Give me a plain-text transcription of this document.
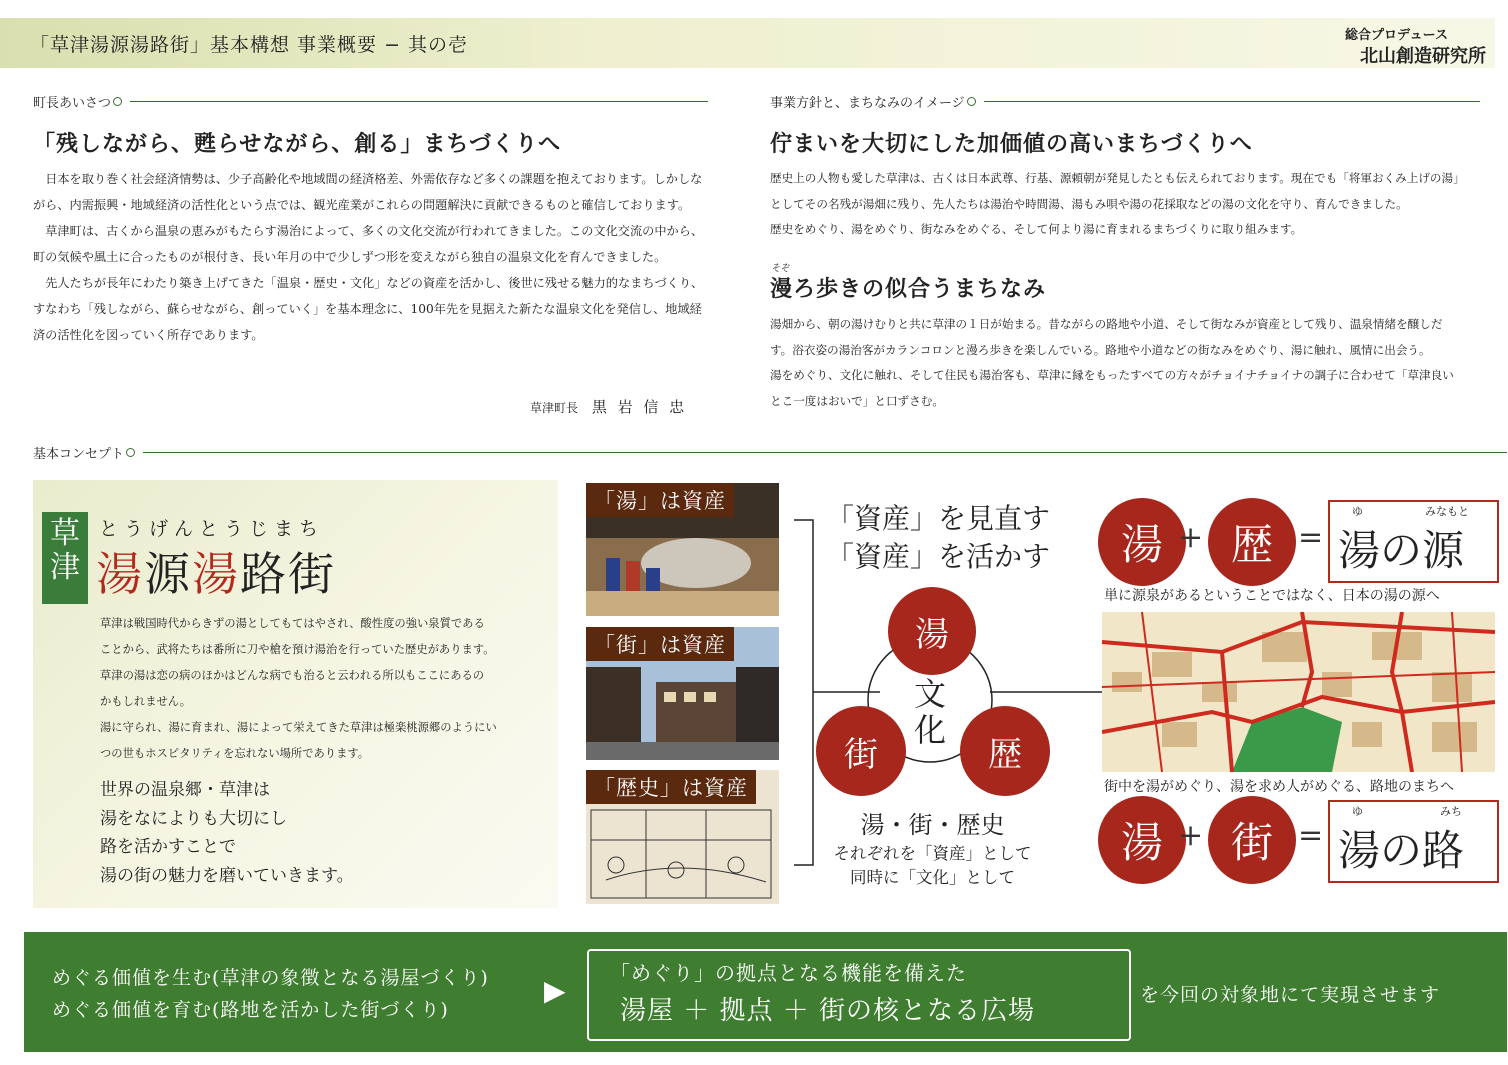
「草津湯源湯路街」基本構想 事業概要 − 其の壱	総合プロデュース
北山創造研究所
町長あいさつ
「残しながら、甦らせながら、創る」まちづくりへ

日本を取り巻く社会経済情勢は、少子高齢化や地域間の経済格差、外需依存など多くの課題を抱えております。しかしながら、内需振興・地域経済の活性化という点では、観光産業がこれらの問題解決に貢献できるものと確信しております。

草津町は、古くから温泉の恵みがもたらす湯治によって、多くの文化交流が行われてきました。この文化交流の中から、町の気候や風土に合ったものが根付き、長い年月の中で少しずつ形を変えながら独自の温泉文化を育んできました。

先人たちが長年にわたり築き上げてきた「温泉・歴史・文化」などの資産を活かし、後世に残せる魅力的なまちづくり、すなわち「残しながら、蘇らせながら、創っていく」を基本理念に、100年先を見据えた新たな温泉文化を発信し、地域経済の活性化を図っていく所存であります。

草津町長 黒 岩 信 忠
事業方針と、まちなみのイメージ
佇まいを大切にした加価値の高いまちづくりへ

歴史上の人物も愛した草津は、古くは日本武尊、行基、源頼朝が発見したとも伝えられております。現在でも「将軍おくみ上げの湯」

としてその名残が湯畑に残り、先人たちは湯治や時間湯、湯もみ唄や湯の花採取などの湯の文化を守り、育んできました。

歴史をめぐり、湯をめぐり、街なみをめぐる、そして何より湯に育まれるまちづくりに取り組みます。

そぞ
漫ろ歩きの似合うまちなみ

湯畑から、朝の湯けむりと共に草津の１日が始まる。昔ながらの路地や小道、そして街なみが資産として残り、温泉情緒を醸しだ

す。浴衣姿の湯治客がカランコロンと漫ろ歩きを楽しんでいる。路地や小道などの街なみをめぐり、湯に触れ、風情に出会う。

湯をめぐり、文化に触れ、そして住民も湯治客も、草津に縁をもったすべての方々がチョイナチョイナの調子に合わせて「草津良い

とこ一度はおいで」と口ずさむ。

基本コンセプト
草
津
とうげんとうじまち
湯源湯路街

草津は戦国時代からきずの湯としてもてはやされ、酸性度の強い泉質である

ことから、武将たちは番所に刀や槍を預け湯治を行っていた歴史があります。

草津の湯は恋の病のほかはどんな病でも治ると云われる所以もここにあるの

かもしれません。

湯に守られ、湯に育まれ、湯によって栄えてきた草津は極楽桃源郷のようにい

つの世もホスピタリティを忘れない場所であります。

世界の温泉郷・草津は
湯をなによりも大切にし
路を活かすことで
湯の街の魅力を磨いていきます。
「湯」は資産
「街」は資産
「歴史」は資産
「資産」を見直す
「資産」を活かす
湯
街	歴
文
化
湯・街・歴史
それぞれを「資産」として
同時に「文化」として
湯 + 歴 =
ゆ	みなもと
湯の源
単に源泉があるということではなく、日本の湯の源へ
街中を湯がめぐり、湯を求め人がめぐる、路地のまちへ
湯 + 街 =
ゆ	みち
湯の路
めぐる価値を生む(草津の象徴となる湯屋づくり)
めぐる価値を育む(路地を活かした街づくり)
▶
「めぐり」の拠点となる機能を備えた
湯屋 ＋ 拠点 ＋ 街の核となる広場
を今回の対象地にて実現させます
